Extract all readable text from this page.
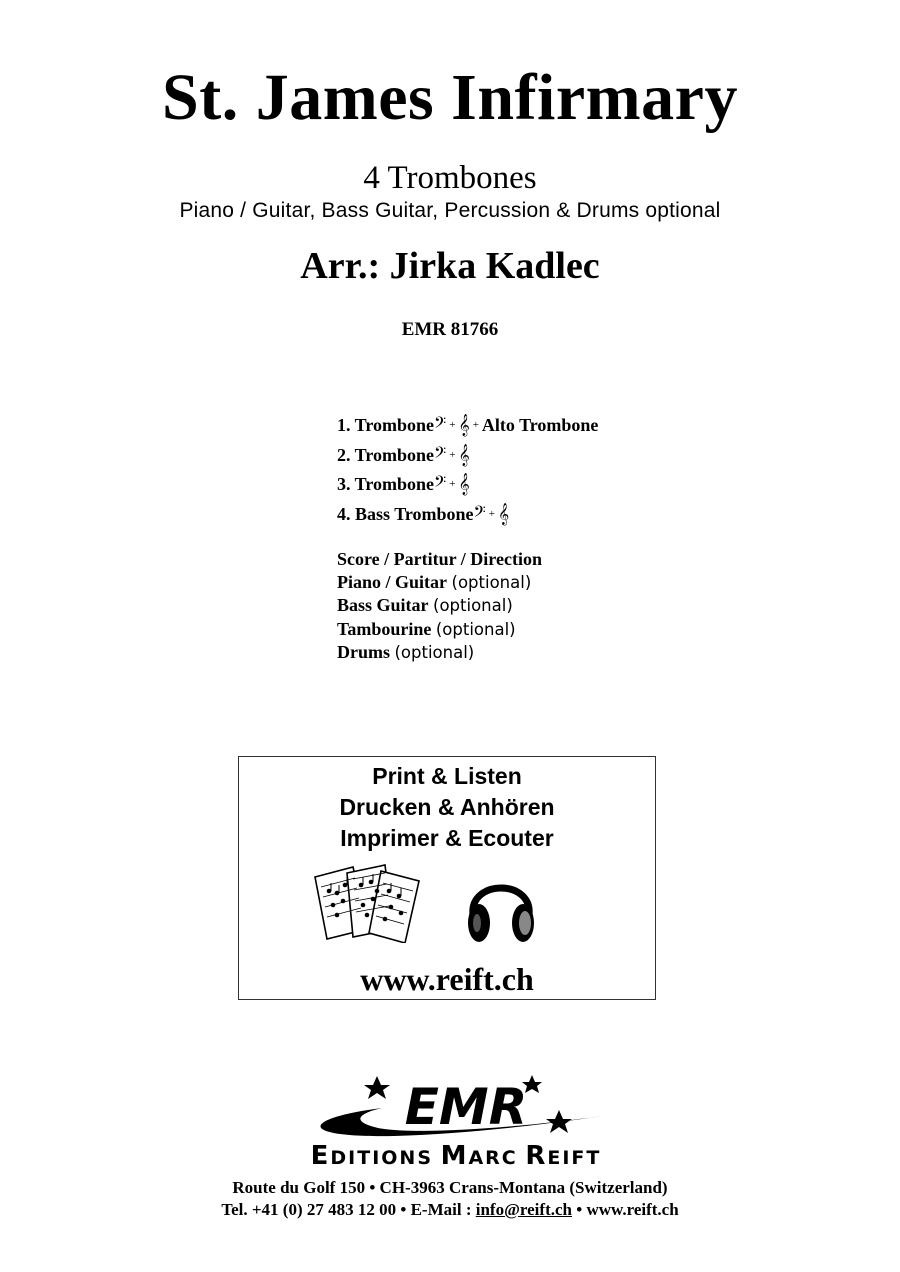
St. James Infirmary
4 Trombones
Piano / Guitar, Bass Guitar, Percussion & Drums optional
Arr.: Jirka Kadlec
EMR 81766
1. Trombone𝄢 + 𝄞 + Alto Trombone
2. Trombone𝄢 + 𝄞
3. Trombone𝄢 + 𝄞
4. Bass Trombone𝄢 + 𝄞
Score / Partitur / Direction
Piano / Guitar (optional)
Bass Guitar (optional)
Tambourine (optional)
Drums (optional)
Print & Listen
Drucken & Anhören
Imprimer & Ecouter
www.reift.ch
EMR
EDITIONS MARC REIFT
Route du Golf 150 • CH-3963 Crans-Montana (Switzerland)
Tel. +41 (0) 27 483 12 00 • E-Mail : info@reift.ch • www.reift.ch
